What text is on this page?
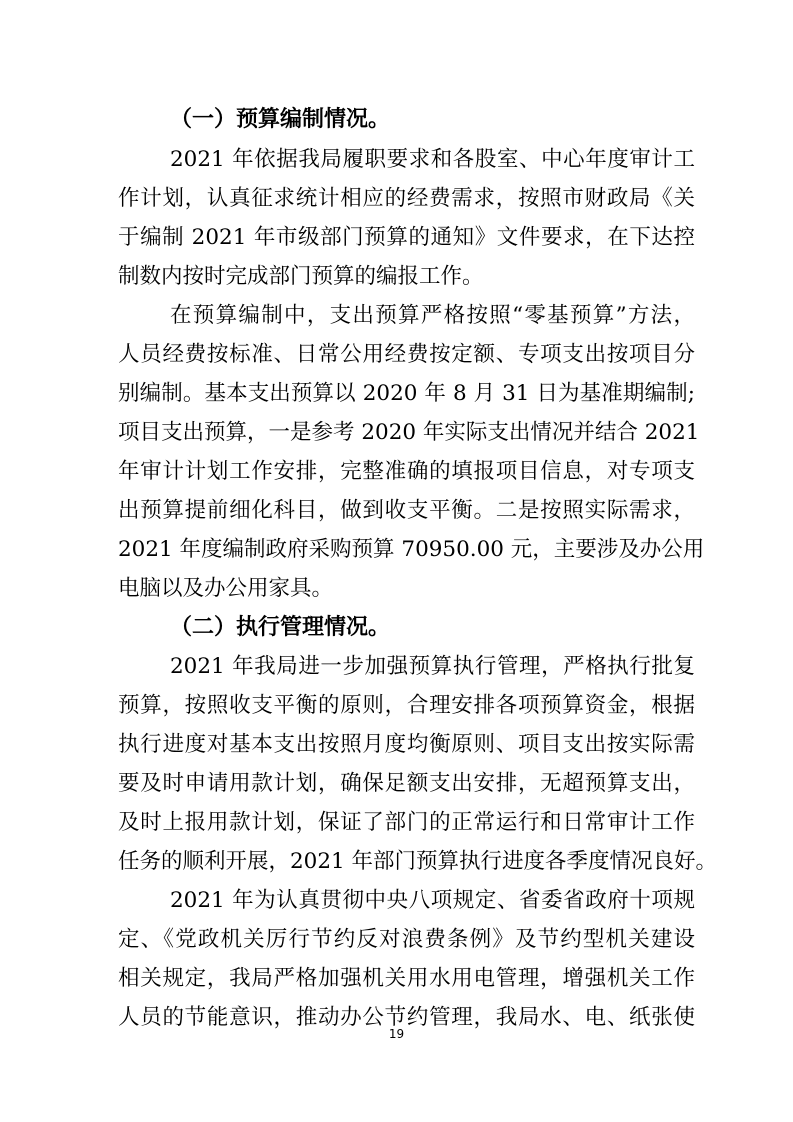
（一）预算编制情况。
2021 年依据我局履职要求和各股室、中心年度审计工
作计划，认真征求统计相应的经费需求，按照市财政局《关
于编制 2021 年市级部门预算的通知》文件要求，在下达控
制数内按时完成部门预算的编报工作。
在预算编制中，支出预算严格按照“零基预算”方法，
人员经费按标准、日常公用经费按定额、专项支出按项目分
别编制。基本支出预算以 2020 年 8 月 31 日为基准期编制;
项目支出预算，一是参考 2020 年实际支出情况并结合 2021
年审计计划工作安排，完整准确的填报项目信息，对专项支
出预算提前细化科目，做到收支平衡。二是按照实际需求，
2021 年度编制政府采购预算 70950.00 元，主要涉及办公用
电脑以及办公用家具。
（二）执行管理情况。
2021 年我局进一步加强预算执行管理，严格执行批复
预算，按照收支平衡的原则，合理安排各项预算资金，根据
执行进度对基本支出按照月度均衡原则、项目支出按实际需
要及时申请用款计划，确保足额支出安排，无超预算支出，
及时上报用款计划，保证了部门的正常运行和日常审计工作
任务的顺利开展，2021 年部门预算执行进度各季度情况良好。
2021 年为认真贯彻中央八项规定、省委省政府十项规
定、《党政机关厉行节约反对浪费条例》及节约型机关建设
相关规定，我局严格加强机关用水用电管理，增强机关工作
人员的节能意识，推动办公节约管理，我局水、电、纸张使
19
